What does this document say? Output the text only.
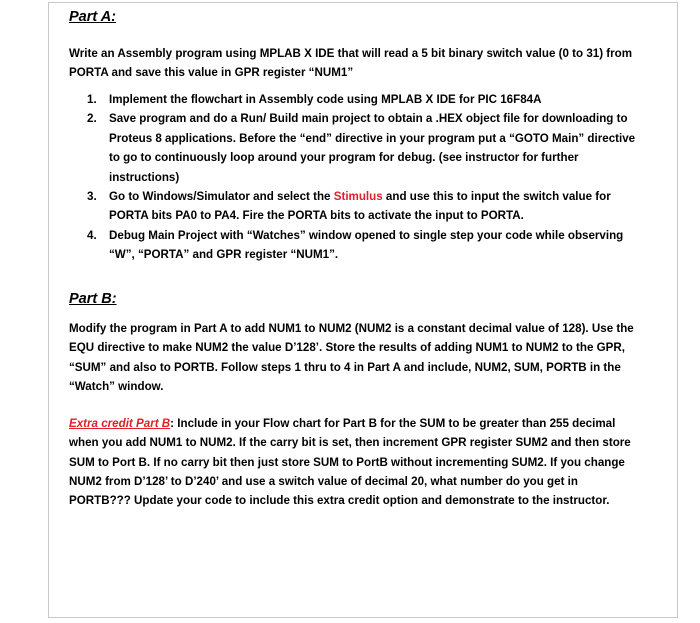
Part A:
Write an Assembly program using MPLAB X IDE that will read a 5 bit binary switch value (0 to 31) from PORTA and save this value in GPR register “NUM1”
1. Implement the flowchart in Assembly code using MPLAB X IDE for PIC 16F84A
2. Save program and do a Run/ Build main project to obtain a .HEX object file for downloading to Proteus 8 applications. Before the “end” directive in your program put a “GOTO Main” directive to go to continuously loop around your program for debug. (see instructor for further instructions)
3. Go to Windows/Simulator and select the Stimulus and use this to input the switch value for PORTA bits PA0 to PA4. Fire the PORTA bits to activate the input to PORTA.
4. Debug Main Project with “Watches” window opened to single step your code while observing “W”, “PORTA” and GPR register “NUM1”.
Part B:
Modify the program in Part A to add NUM1 to NUM2 (NUM2 is a constant decimal value of 128). Use the EQU directive to make NUM2 the value D’128’. Store the results of adding NUM1 to NUM2 to the GPR, “SUM” and also to PORTB. Follow steps 1 thru to 4 in Part A and include, NUM2, SUM, PORTB in the “Watch” window.
Extra credit Part B: Include in your Flow chart for Part B for the SUM to be greater than 255 decimal when you add NUM1 to NUM2. If the carry bit is set, then increment GPR register SUM2 and then store SUM to Port B. If no carry bit then just store SUM to PortB without incrementing SUM2. If you change NUM2 from D’128’ to D’240’ and use a switch value of decimal 20, what number do you get in PORTB??? Update your code to include this extra credit option and demonstrate to the instructor.
